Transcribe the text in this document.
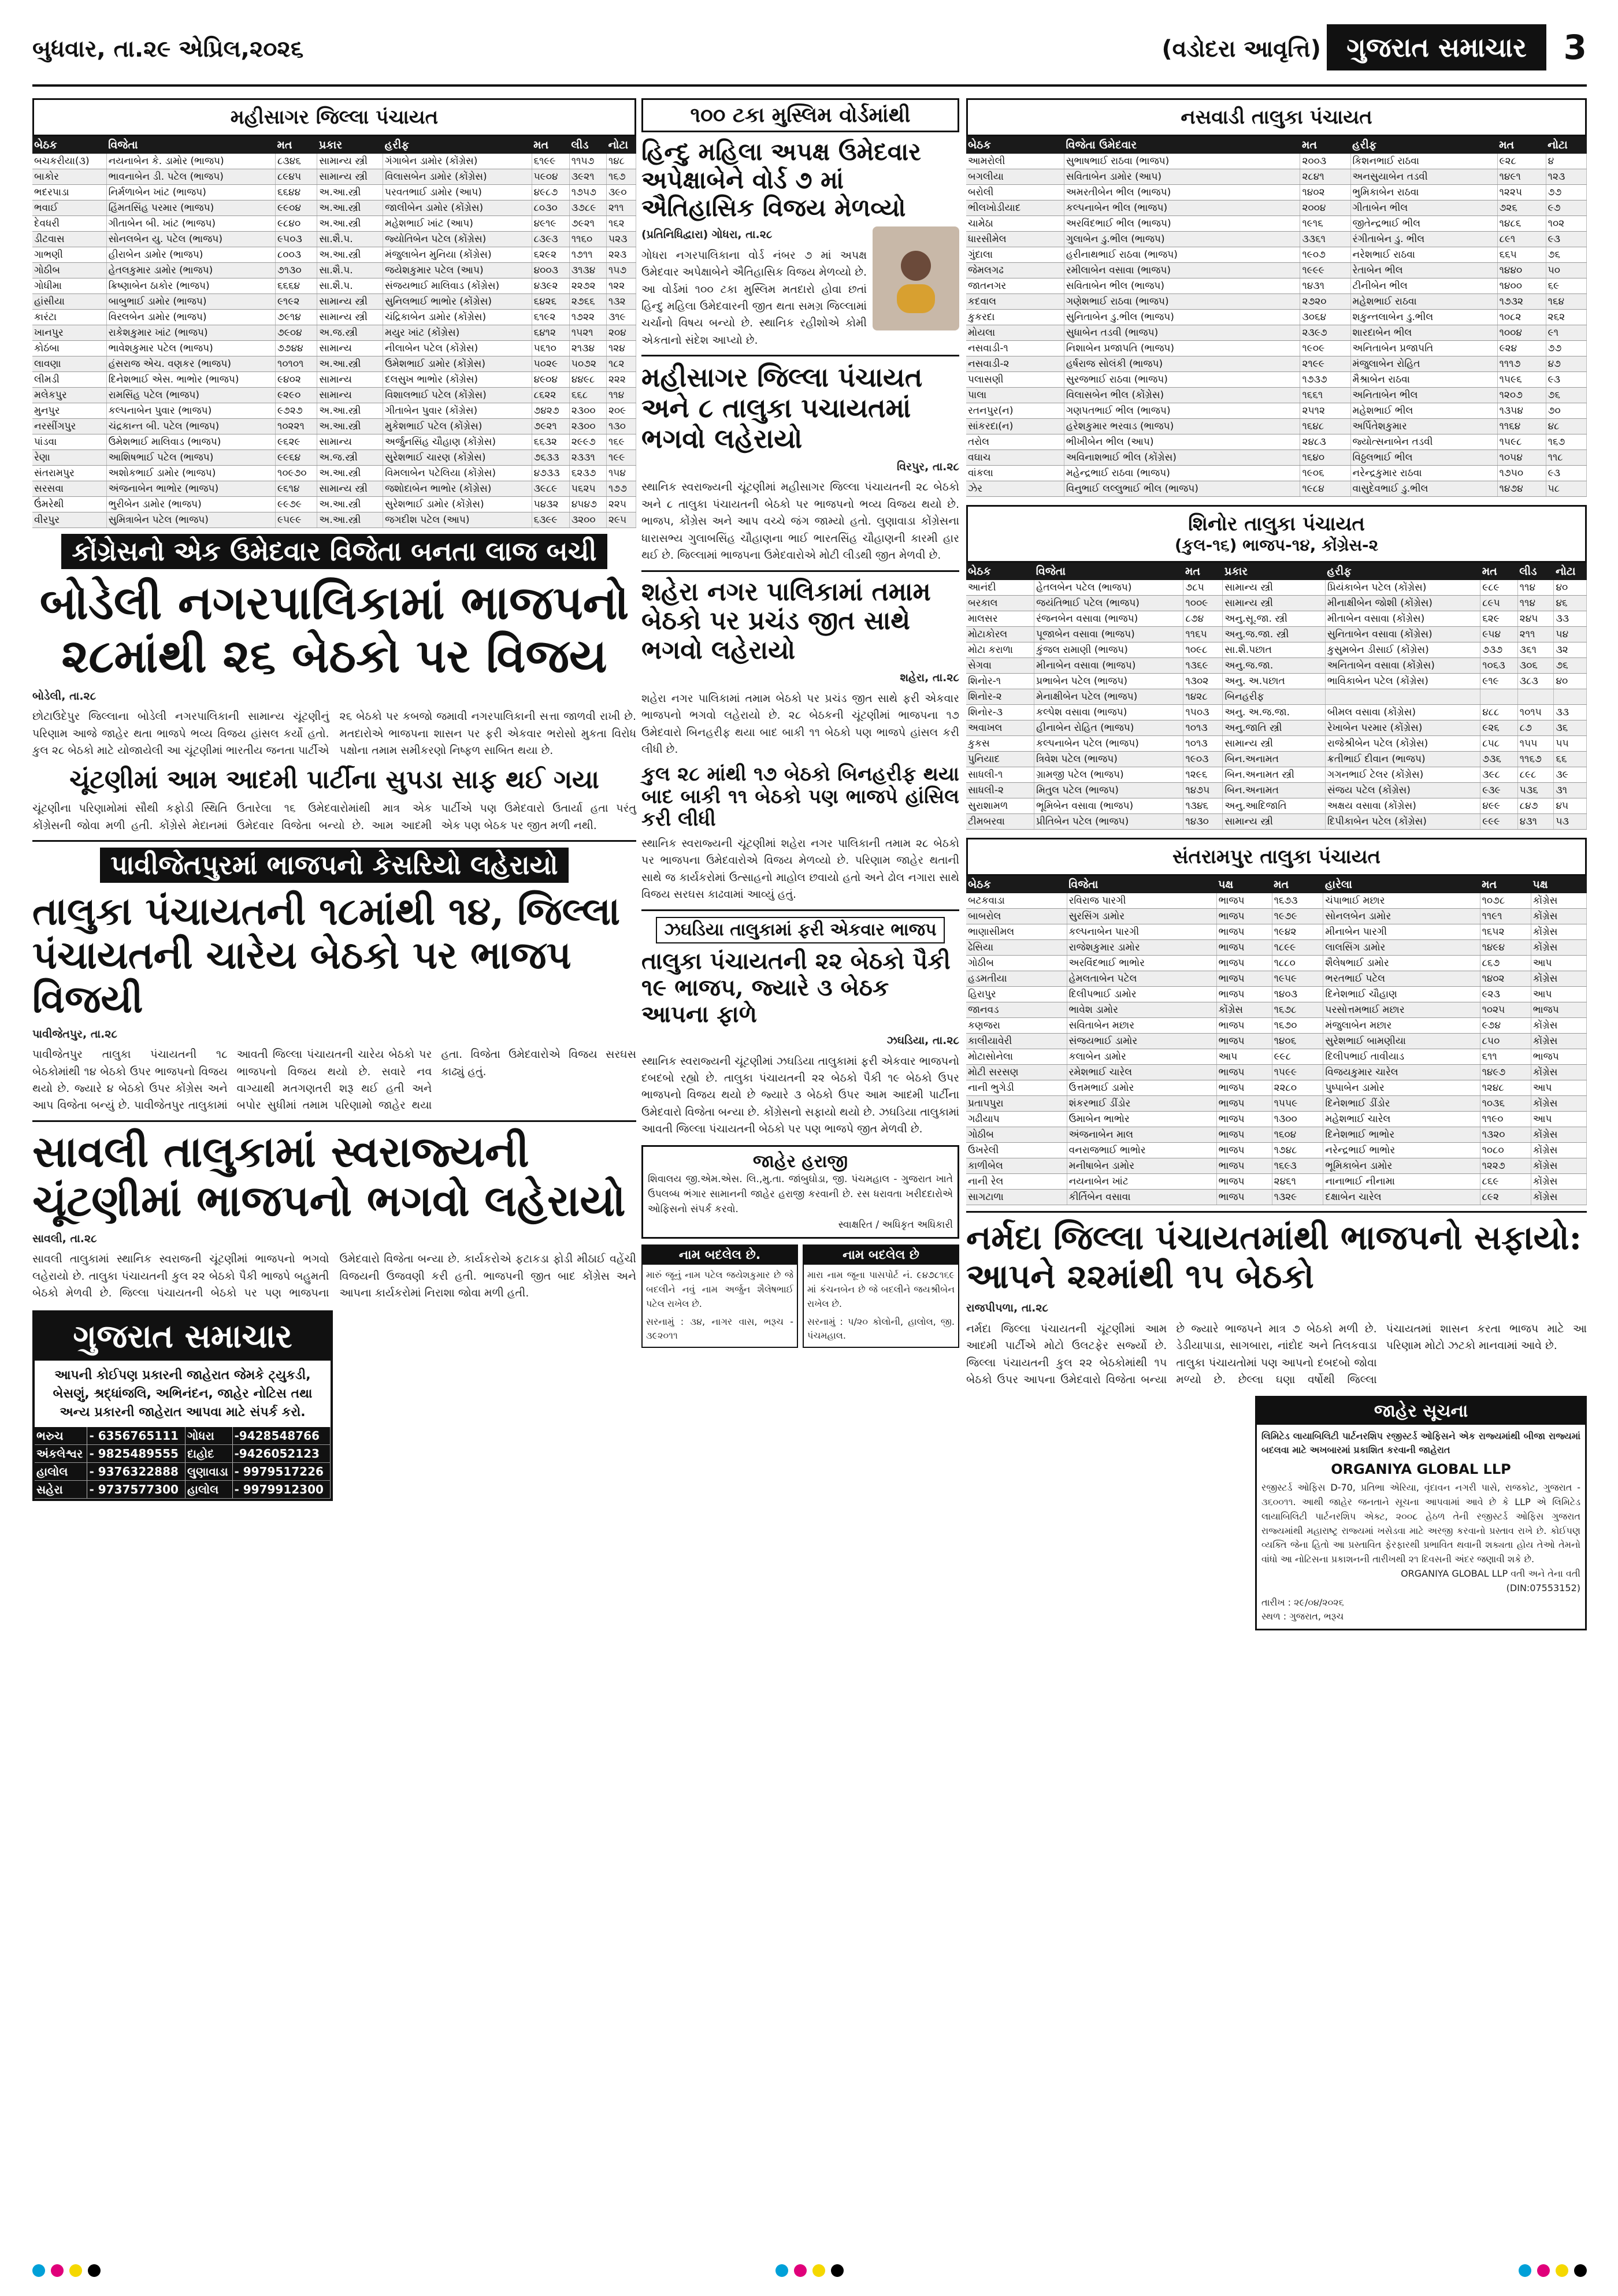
બુધવાર, તા.૨૯ એપ્રિલ,૨૦૨૬	(વડોદરા આવૃત્તિ) ગુજરાત સમાચાર	3
મહીસાગર જિલ્લા પંચાયત
બેઠક	વિજેતા	મત	પ્રકાર	હરીફ	મત	લીડ	નોટા
બચકરીયા(૩)	નયનાબેન કે. ડામોર (ભાજપ)	૮૩૪૬	સામાન્ય સ્ત્રી	ગંગાબેન ડામોર (કોંગ્રેસ)	૬૧૯૯	૧૧૫૭	૧૪૮
બાકોર	ભાવનાબેન ડી. પટેલ (ભાજપ)	૮૯૪૫	સામાન્ય સ્ત્રી	વિલાસબેન ડામોર (કોંગ્રેસ)	૫૯૦૪	૩૯૨૧	૧૬૭
ભદરપાડા	નિર્મળાબેન ખાંટ (ભાજપ)	૬૬૪૪	અ.આ.સ્ત્રી	પરવતભાઈ ડામોર (આપ)	૪૯૮૭	૧૭૫૭	૩૯૦
ભવાઈ	હિંમતસિંહ પરમાર (ભાજપ)	૯૯૦૪	અ.આ.સ્ત્રી	જાલીબેન ડામોર (કોંગ્રેસ)	૮૦૩૦	૩૭૮૯	૨૧૧
દેવધરી	ગીતાબેન બી. ખાંટ (ભાજપ)	૯૮૪૦	અ.આ.સ્ત્રી	મહેશભાઈ ખાંટ (આપ)	૪૯૧૯	૭૯૨૧	૧૬૨
ડીટવાસ	સોનલબેન યુ. પટેલ (ભાજપ)	૯૫૦૩	સા.શૈ.પ.	જ્યોતિબેન પટેલ (કોંગ્રેસ)	૮૩૯૩	૧૧૬૦	૫૨૩
ગાભણી	હીરાબેન ડામોર (ભાજપ)	૮૦૦૩	અ.આ.સ્ત્રી	મંજુલાબેન મુનિયા (કોંગ્રેસ)	૬૨૯૨	૧૭૧૧	૨૨૩
ગોઠીબ	હેતલકુમાર ડામોર (ભાજપ)	૭૧૩૦	સા.શૈ.પ.	જયેશકુમાર પટેલ (આપ)	૪૦૦૩	૩૧૩૪	૧૫૭
ગોધીમા	ક્રિષ્ણાબેન ઠાકોર (ભાજપ)	૬૬૬૪	સા.શૈ.પ.	સંજયભાઈ માલિવાડ (કોંગ્રેસ)	૪૩૯૨	૨૨૭૨	૧૨૨
હાંસીયા	બાબુભાઈ ડામોર (ભાજપ)	૯૧૯૨	સામાન્ય સ્ત્રી	સુનિલભાઈ ભાભોર (કોંગ્રેસ)	૬૪૨૬	૨૭૬૬	૧૩૨
કારંટા	વિરલબેન ડામોર (ભાજપ)	૭૯૧૪	સામાન્ય સ્ત્રી	ચંદ્રિકાબેન ડામોર (કોંગ્રેસ)	૬૧૯૨	૧૭૨૨	૩૧૯
ખાનપુર	રાકેશકુમાર ખાંટ (ભાજપ)	૭૯૦૪	અ.જ.સ્ત્રી	મયુર ખાંટ (કોંગ્રેસ)	૬૪૧૨	૧૫૨૧	૨૦૪
કોઠંબા	ભાવેશકુમાર પટેલ (ભાજપ)	૭૭૪૪	સામાન્ય	નીલાબેન પટેલ (કોંગ્રેસ)	૫૬૧૦	૨૧૩૪	૧૨૪
લાવણા	હંસરાજ એચ. વણકર (ભાજપ)	૧૦૧૦૧	અ.આ.સ્ત્રી	ઉમેશભાઈ ડામોર (કોંગ્રેસ)	૫૦૨૯	૫૦૭૨	૧૮૨
લીમડી	દિનેશભાઈ એસ. ભાભોર (ભાજપ)	૯૪૦૨	સામાન્ય	દલસુખ ભાભોર (કોંગ્રેસ)	૪૯૦૪	૪૪૯૮	૨૨૨
મલેકપુર	રામસિંહ પટેલ (ભાજપ)	૯૨૯૦	સામાન્ય	વિશાલભાઈ પટેલ (કોંગ્રેસ)	૮૬૨૨	૬૬૮	૧૧૪
મુનપુર	કલ્પનાબેન પુવાર (ભાજપ)	૯૭૨૭	અ.આ.સ્ત્રી	ગીતાબેન પુવાર (કોંગ્રેસ)	૭૪૨૭	૨૩૦૦	૨૦૯
નરસીંગપુર	ચંદ્રકાન્ત બી. પટેલ (ભાજપ)	૧૦૨૨૧	અ.આ.સ્ત્રી	મુકેશભાઈ પટેલ (કોંગ્રેસ)	૭૯૨૧	૨૩૦૦	૧૩૦
પાંડવા	ઉમેશભાઈ માલિવાડ (ભાજપ)	૯૬૨૯	સામાન્ય	અર્જુનસિંહ ચૌહાણ (કોંગ્રેસ)	૬૬૩૨	૨૯૯૭	૧૬૯
રેણા	આશિષભાઈ પટેલ (ભાજપ)	૯૯૬૪	અ.જ.સ્ત્રી	સુરેશભાઈ ચારણ (કોંગ્રેસ)	૭૬૩૩	૨૩૩૧	૧૯૯
સંતરામપુર	અશોકભાઈ ડામોર (ભાજપ)	૧૦૯૭૦	અ.આ.સ્ત્રી	વિમલાબેન પટેલિયા (કોંગ્રેસ)	૪૭૩૩	૬૨૩૭	૧૫૪
સરસવા	અંજનાબેન ભાભોર (ભાજપ)	૯૬૧૪	સામાન્ય સ્ત્રી	જશોદાબેન ભાભોર (કોંગ્રેસ)	૩૯૮૯	૫૬૨૫	૧૭૭
ઉંમરેથી	ભુરીબેન ડામોર (ભાજપ)	૯૯૭૯	અ.આ.સ્ત્રી	સુરેશભાઈ ડામોર (કોંગ્રેસ)	૫૪૩૨	૪૫૪૭	૨૨૫
વીરપુર	સુમિત્રાબેન પટેલ (ભાજપ)	૯૫૯૯	અ.આ.સ્ત્રી	જગદીશ પટેલ (આપ)	૬૩૯૯	૩૨૦૦	૨૯૫
કોંગ્રેસનો એક ઉમેદવાર વિજેતા બનતા લાજ બચી
બોડેલી નગરપાલિકામાં ભાજપનો ૨૮માંથી ૨૬ બેઠકો પર વિજય

બોડેલી, તા.૨૮

છોટાઉદેપુર જિલ્લાના બોડેલી નગરપાલિકાની સામાન્ય ચૂંટણીનું પરિણામ આજે જાહેર થતા ભાજપે ભવ્ય વિજય હાંસલ કર્યો હતો. કુલ ૨૮ બેઠકો માટે યોજાયેલી આ ચૂંટણીમાં ભારતીય જનતા પાર્ટીએ ૨૬ બેઠકો પર કબજો જમાવી નગરપાલિકાની સત્તા જાળવી રાખી છે. મતદારોએ ભાજપના શાસન પર ફરી એકવાર ભરોસો મુકતા વિરોધ પક્ષોના તમામ સમીકરણો નિષ્ફળ સાબિત થયા છે.

ચૂંટણીમાં આમ આદમી પાર્ટીના સુપડા સાફ થઈ ગયા

ચૂંટણીના પરિણામોમાં સૌથી કફોડી સ્થિતિ કોંગ્રેસની જોવા મળી હતી. કોંગ્રેસે મેદાનમાં ઉતારેલા ૧૬ ઉમેદવારોમાંથી માત્ર એક ઉમેદવાર વિજેતા બન્યો છે. આમ આદમી પાર્ટીએ પણ ઉમેદવારો ઉતાર્યા હતા પરંતુ એક પણ બેઠક પર જીત મળી નથી.

પાવીજેતપુરમાં ભાજપનો કેસરિયો લહેરાયો
તાલુકા પંચાયતની ૧૮માંથી ૧૪, જિલ્લા પંચાયતની ચારેય બેઠકો પર ભાજપ વિજયી

પાવીજેતપુર, તા.૨૮

પાવીજેતપુર તાલુકા પંચાયતની ૧૮ બેઠકોમાંથી ૧૪ બેઠકો ઉપર ભાજપનો વિજય થયો છે. જ્યારે ૪ બેઠકો ઉપર કોંગ્રેસ અને આપ વિજેતા બન્યું છે. પાવીજેતપુર તાલુકામાં આવતી જિલ્લા પંચાયતની ચારેય બેઠકો પર ભાજપનો વિજય થયો છે. સવારે નવ વાગ્યાથી મતગણતરી શરૂ થઈ હતી અને બપોર સુધીમાં તમામ પરિણામો જાહેર થયા હતા. વિજેતા ઉમેદવારોએ વિજય સરઘસ કાઢ્યું હતું.

સાવલી તાલુકામાં સ્વરાજ્યની ચૂંટણીમાં ભાજપનો ભગવો લહેરાયો

સાવલી, તા.૨૮

સાવલી તાલુકામાં સ્થાનિક સ્વરાજની ચૂંટણીમાં ભાજપનો ભગવો લહેરાયો છે. તાલુકા પંચાયતની કુલ ૨૨ બેઠકો પૈકી ભાજપે બહુમતી બેઠકો મેળવી છે. જિલ્લા પંચાયતની બેઠકો પર પણ ભાજપના ઉમેદવારો વિજેતા બન્યા છે. કાર્યકરોએ ફટાકડા ફોડી મીઠાઈ વહેંચી વિજયની ઉજવણી કરી હતી. ભાજપની જીત બાદ કોંગ્રેસ અને આપના કાર્યકરોમાં નિરાશા જોવા મળી હતી.

ગુજરાત સમાચાર
આપની કોઈપણ પ્રકારની જાહેરાત જેમકે ટ્યુકડી, બેસણું, શ્રદ્ધાંજલિ, અભિનંદન, જાહેર નોટિસ તથા અન્ય પ્રકારની જાહેરાત આપવા માટે સંપર્ક કરો.
ભરુચ	- 6356765111	ગોધરા	-9428548766
અંકલેશ્વર	- 9825489555	દાહોદ	-9426052123
હાલોલ	- 9376322888	લુણાવાડા	- 9979517226
સહેરા	- 9737577300	હાલોલ	- 9979912300
૧૦૦ ટકા મુસ્લિમ વોર્ડમાંથી
હિન્દુ મહિલા અપક્ષ ઉમેદવાર અપેક્ષાબેને વોર્ડ ૭ માં ઐતિહાસિક વિજય મેળવ્યો

(પ્રતિનિધિદ્વારા) ગોધરા, તા.૨૮

ગોધરા નગરપાલિકાના વોર્ડ નંબર ૭ માં અપક્ષ ઉમેદવાર અપેક્ષાબેને ઐતિહાસિક વિજય મેળવ્યો છે. આ વોર્ડમાં ૧૦૦ ટકા મુસ્લિમ મતદારો હોવા છતાં હિન્દુ મહિલા ઉમેદવારની જીત થતા સમગ્ર જિલ્લામાં ચર્ચાનો વિષય બન્યો છે. સ્થાનિક રહીશોએ કોમી એકતાનો સંદેશ આપ્યો છે.

મહીસાગર જિલ્લા પંચાયત અને ૮ તાલુકા પચાયતમાં ભગવો લહેરાયો

વિરપુર, તા.૨૮

સ્થાનિક સ્વરાજ્યની ચૂંટણીમાં મહીસાગર જિલ્લા પંચાયતની ૨૮ બેઠકો અને ૮ તાલુકા પંચાયતની બેઠકો પર ભાજપનો ભવ્ય વિજય થયો છે. ભાજપ, કોંગ્રેસ અને આપ વચ્ચે જંગ જામ્યો હતો. લુણાવાડા કોંગ્રેસના ધારાસભ્ય ગુલાબસિંહ ચૌહાણના ભાઈ ભારતસિંહ ચૌહાણની કારમી હાર થઈ છે. જિલ્લામાં ભાજપના ઉમેદવારોએ મોટી લીડથી જીત મેળવી છે.

શહેરા નગર પાલિકામાં તમામ બેઠકો પર પ્રચંડ જીત સાથે ભગવો લહેરાયો

શહેરા, તા.૨૮

શહેરા નગર પાલિકામાં તમામ બેઠકો પર પ્રચંડ જીત સાથે ફરી એકવાર ભાજપનો ભગવો લહેરાયો છે. ૨૮ બેઠકની ચૂંટણીમાં ભાજપના ૧૭ ઉમેદવારો બિનહરીફ થયા બાદ બાકી ૧૧ બેઠકો પણ ભાજપે હાંસલ કરી લીધી છે.

કુલ ૨૮ માંથી ૧૭ બેઠકો બિનહરીફ થયા બાદ બાકી ૧૧ બેઠકો પણ ભાજપે હાંસિલ કરી લીધી

સ્થાનિક સ્વરાજ્યની ચૂંટણીમાં શહેરા નગર પાલિકાની તમામ ૨૮ બેઠકો પર ભાજપના ઉમેદવારોએ વિજય મેળવ્યો છે. પરિણામ જાહેર થતાની સાથે જ કાર્યકરોમાં ઉત્સાહનો માહોલ છવાયો હતો અને ઢોલ નગારા સાથે વિજય સરઘસ કાઢવામાં આવ્યું હતું.

ઝઘડિયા તાલુકામાં ફરી એકવાર ભાજપ
તાલુકા પંચાયતની ૨૨ બેઠકો પૈકી ૧૯ ભાજપ, જ્યારે ૩ બેઠક આપના ફાળે

ઝઘડિયા, તા.૨૮

સ્થાનિક સ્વરાજ્યની ચૂંટણીમાં ઝઘડિયા તાલુકામાં ફરી એકવાર ભાજપનો દબદબો રહ્યો છે. તાલુકા પંચાયતની ૨૨ બેઠકો પૈકી ૧૯ બેઠકો ઉપર ભાજપનો વિજય થયો છે જ્યારે ૩ બેઠકો ઉપર આમ આદમી પાર્ટીના ઉમેદવારો વિજેતા બન્યા છે. કોંગ્રેસનો સફાયો થયો છે. ઝઘડિયા તાલુકામાં આવતી જિલ્લા પંચાયતની બેઠકો પર પણ ભાજપે જીત મેળવી છે.

જાહેર હરાજી

શિવાલય જી.એમ.એસ. લિ.,મુ.તા. જાંબુઘોડા, જી. પંચમહાલ - ગુજરાત ખાતે ઉપલબ્ધ ભંગાર સામાનની જાહેર હરાજી કરવાની છે. રસ ધરાવતા ખરીદદારોએ ઓફિસનો સંપર્ક કરવો.

સ્વાક્ષરિત / અધિકૃત અધિકારી

નામ બદલેલ છે.

મારું જૂનું નામ પટેલ જયેશકુમાર છે જે બદલીને નવું નામ અર્જુન શૈલેષભાઈ પટેલ રાખેલ છે.

સરનામું : ૩૪, નાગર વાસ, ભરૂચ - ૩૯૨૦૧૧

નામ બદલેલ છે

મારા નામ જૂના પાસપોર્ટ નં. ૯૪૭૮૧૬૯ માં કંચનબેન છે જે બદલીને જયશ્રીબેન રાખેલ છે.

સરનામું : પ/૨૦ કોલોની, હાલોલ, જી. પંચમહાલ.

નસવાડી તાલુકા પંચાયત
બેઠક	વિજેતા ઉમેદવાર	મત	હરીફ	મત	નોટા
આમરોલી	સુભાષભાઈ રાઠવા (ભાજપ)	૨૦૦૩	કિશનભાઈ રાઠવા	૯૨૮	૪
બગલીયા	સવિતાબેન ડામોર (આપ)	૨૮૪૧	અનસુયાબેન તડવી	૧૪૯૧	૧૨૩
બરોલી	અમરતીબેન ભીલ (ભાજપ)	૧૪૦૨	ભુમિકાબેન રાઠવા	૧૨૨૫	૭૭
ભીલખોડીયાદ	કલ્પનાબેન ભીલ (ભાજપ)	૨૦૦૪	ગીતાબેન ભીલ	૭૨૬	૯૭
ચામેઠા	અરવિંદભાઈ ભીલ (ભાજપ)	૧૯૧૬	જીતેન્દ્રભાઈ ભીલ	૧૪૮૬	૧૦૨
ધારસીમેલ	ગુલાબેન ડુ.ભીલ (ભાજપ)	૩૩૬૧	રંગીતાબેન ડુ. ભીલ	૮૯૧	૯૩
ગુંદાલા	હરીનાથભાઈ રાઠવા (ભાજપ)	૧૯૦૭	નરેશભાઈ રાઠવા	૬૬૫	૭૬
જેમલગઢ	રમીલાબેન વસાવા (ભાજપ)	૧૯૯૯	રેતાબેન ભીલ	૧૪૪૦	૫૦
જાતનગર	સવિતાબેન ભીલ (ભાજપ)	૧૪૩૧	ટીનીબેન ભીલ	૧૪૦૦	૬૯
કદવાલ	ગણેશભાઈ રાઠવા (ભાજપ)	૨૭૨૦	મહેશભાઈ રાઠવા	૧૭૩૨	૧૬૪
કુકરદા	સુનિતાબેન ડુ.ભીલ (ભાજપ)	૩૦૬૪	શકુન્તલાબેન ડુ.ભીલ	૧૦૮૨	૨૬૨
મોયલા	સુધાબેન તડવી (ભાજપ)	૨૩૯૭	શારદાબેન ભીલ	૧૦૦૪	૯૧
નસવાડી-૧	નિશાબેન પ્રજાપતિ (ભાજપ)	૧૯૦૯	અનિતાબેન પ્રજાપતિ	૯૨૪	૭૭
નસવાડી-૨	હર્ષરાજ સોલંકી (ભાજપ)	૨૧૯૯	મંજુલાબેન રોહિત	૧૧૧૭	૪૭
પલાસણી	સુરજભાઈ રાઠવા (ભાજપ)	૧૭૩૭	મૈશ્રાબેન રાઠવા	૧૫૯૬	૯૩
પાલા	વિલાસબેન ભીલ (કોંગ્રેસ)	૧૬૬૧	અનિતાબેન ભીલ	૧૨૦૭	૭૬
રતનપુર(ન)	ગણપતભાઈ ભીલ (ભાજપ)	૨૫૧૨	મહેશભાઈ ભીલ	૧૩૫૪	૭૦
સાંકરદા(ન)	હરેશકુમાર ભરવાડ (ભાજપ)	૧૬૪૮	અર્પિતેશકુમાર	૧૧૬૪	૪૮
તરોલ	ભીખીબેન ભીલ (આપ)	૨૪૮૩	જ્યોત્સનાબેન તડવી	૧૫૯૮	૧૬૭
વઘાચ	અવિનાશભાઈ ભીલ (કોંગ્રેસ)	૧૬૪૦	વિઠ્ઠલભાઈ ભીલ	૧૦૫૪	૧૧૮
વાંકલા	મહેન્દ્રભાઈ રાઠવા (ભાજપ)	૧૯૦૬	નરેન્દ્રકુમાર રાઠવા	૧૭૫૦	૯૩
ઝેર	વિનુભાઈ લલ્લુભાઈ ભીલ (ભાજપ)	૧૯૮૪	વાસુદેવભાઈ ડુ.ભીલ	૧૪૭૪	૫૮
શિનોર તાલુકા પંચાયત
(કુલ-૧૬) ભાજપ-૧૪, કોંગ્રેસ-૨
બેઠક	વિજેતા	મત	પ્રકાર	હરીફ	મત	લીડ	નોટા
આનંદી	હેતલબેન પટેલ (ભાજપ)	૭૮૫	સામાન્ય સ્ત્રી	પ્રિયંકાબેન પટેલ (કોંગ્રેસ)	૯૮૯	૧૧૪	૪૦
બરકાલ	જયંતિભાઈ પટેલ (ભાજપ)	૧૦૦૯	સામાન્ય સ્ત્રી	મીનાક્ષીબેન જોશી (કોંગ્રેસ)	૮૯૫	૧૧૪	૪૬
માલસર	રંજનબેન વસાવા (ભાજપ)	૮૭૪	અનુ.સૂ.જા. સ્ત્રી	મીતાબેન વસાવા (કોંગ્રેસ)	૬૨૯	૨૪૫	૩૩
મોટાકોરલ	પૂજાબેન વસાવા (ભાજપ)	૧૧૬૫	અનુ.જ.જા. સ્ત્રી	સુનિતાબેન વસાવા (કોંગ્રેસ)	૯૫૪	૨૧૧	૫૪
મોટા કરાળા	કુંજલ રામાણી (ભાજપ)	૧૦૯૮	સા.શૈ.પછાત	કુસુમબેન ડીસાઈ (કોંગ્રેસ)	૭૩૭	૩૬૧	૩૨
સેગવા	મીનાબેન વસાવા (ભાજપ)	૧૩૬૯	અનુ.જ.જા.	અનિતાબેન વસાવા (કોંગ્રેસ)	૧૦૬૩	૩૦૬	૭૬
શિનોર-૧	પ્રભાબેન પટેલ (ભાજપ)	૧૩૦૨	અનુ. અ.પછાત	ભાવિકાબેન પટેલ (કોંગ્રેસ)	૯૧૯	૩૮૩	૪૦
શિનોર-૨	મેનાક્ષીબેન પટેલ (ભાજપ)	૧૪૨૮	બિનહરીફ				
શિનોર-૩	કલ્પેશ વસાવા (ભાજપ)	૧૫૦૩	અનુ. અ.જ.જા.	બીમલ વસાવા (કોંગ્રેસ)	૪૮૮	૧૦૧૫	૩૩
અવાખલ	હીનાબેન રોહિત (ભાજપ)	૧૦૧૩	અનુ.જાતિ સ્ત્રી	રેખાબેન પરમાર (કોંગ્રેસ)	૯૨૬	૮૭	૩૬
કુકસ	કલ્પનાબેન પટેલ (ભાજપ)	૧૦૧૩	સામાન્ય સ્ત્રી	રાજેશ્રીબેન પટેલ (કોંગ્રેસ)	૮૫૮	૧૫૫	૫૫
પુનિયાદ	ત્રિવેશ પટેલ (ભાજપ)	૧૯૦૩	બિન.અનામત	ક્રતીભાઈ દીવાન (ભાજપ)	૭૩૬	૧૧૬૭	૬૬
સાધલી-૧	ગ્રામજી પટેલ (ભાજપ)	૧૨૯૬	બિન.અનામત સ્ત્રી	ગગનભાઈ ટેલર (કોંગ્રેસ)	૩૯૮	૮૯૮	૩૯
સાધલી-૨	મિતુલ પટેલ (ભાજપ)	૧૪૭૫	બિન.અનામત	સંજય પટેલ (કોંગ્રેસ)	૯૩૯	૫૩૬	૩૧
સુરાશામળ	ભૂમિબેન વસાવા (ભાજપ)	૧૩૪૬	અનુ.આદિજાતિ	અક્ષય વસાવા (કોંગ્રેસ)	૪૯૯	૮૪૭	૪૫
ટીમબરવા	પ્રીતિબેન પટેલ (ભાજપ)	૧૪૩૦	સામાન્ય સ્ત્રી	દિપીકાબેન પટેલ (કોંગ્રેસ)	૯૯૯	૪૩૧	૫૩
સંતરામપુર તાલુકા પંચાયત
બેઠક	વિજેતા	પક્ષ	મત	હારેલા	મત	પક્ષ
બટકવાડા	રવિરાજ પારગી	ભાજપ	૧૬૭૩	ચંપાભાઈ મછાર	૧૦૭૮	કોંગ્રેસ
બાબરોલ	સુરસિંગ ડામોર	ભાજપ	૧૯૭૯	સોનલબેન ડામોર	૧૧૯૧	કોંગ્રેસ
ભાણાસીમલ	કલ્પનાબેન પારગી	ભાજપ	૧૯૪૨	મીનાબેન પારગી	૧૬૫૨	કોંગ્રેસ
ઢેસિયા	રાજેશકુમાર ડામોર	ભાજપ	૧૮૯૯	લાલસિંગ ડામોર	૧૪૯૪	કોંગ્રેસ
ગોઠીબ	અરવિંદભાઈ ભાભોર	ભાજપ	૧૮૮૦	શૈલેષભાઈ ડામોર	૮૬૭	આપ
હડમતીયા	હેમલતાબેન પટેલ	ભાજપ	૧૯૫૯	ભરતભાઈ પટેલ	૧૪૦૨	કોંગ્રેસ
હિરાપુર	દિલીપભાઈ ડામોર	ભાજપ	૧૪૦૩	દિનેશભાઈ ચૌહાણ	૯૨૩	આપ
જાનવડ	ભાવેશ ડામોર	કોંગ્રેસ	૧૬૭૮	પરસોત્તમભાઈ મછાર	૧૦૨૫	ભાજપ
કણજરા	સવિતાબેન મછાર	ભાજપ	૧૬૭૦	મંજુલાબેન મછાર	૯૭૪	કોંગ્રેસ
કાલીયાવેરી	સંજયભાઈ ડામોર	ભાજપ	૧૪૦૬	સુરેશભાઈ બામણીયા	૮૫૦	કોંગ્રેસ
મોટાસોનેલા	કલાબેન ડામોર	આપ	૯૯૮	દિલીપભાઈ તાવીયાડ	૬૧૧	ભાજપ
મોટી સરસણ	રમેશભાઈ ચારેલ	ભાજપ	૧૫૯૯	વિજયકુમાર ચારેલ	૧૪૯૭	કોંગ્રેસ
નાની ભુગેડી	ઉત્તમભાઈ ડામોર	ભાજપ	૨૨૮૦	પુષ્પાબેન ડામોર	૧૨૪૮	આપ
પ્રતાપપુરા	શંકરભાઈ ડીંડોર	ભાજપ	૧૫૫૯	દિનેશભાઈ ડીંડોર	૧૦૩૬	કોંગ્રેસ
ગઢીયાપ	ઉમાબેન ભાભોર	ભાજપ	૧૩૦૦	મહેશભાઈ ચારેલ	૧૧૯૦	આપ
ગોઠીબ	અંજનાબેન માલ	ભાજપ	૧૬૦૪	દિનેશભાઈ ભાભોર	૧૩૨૦	કોંગ્રેસ
ઉખરેલી	વનરાજભાઈ ભાભોર	ભાજપ	૧૭૪૮	નરેન્દ્રભાઈ ભાભોર	૧૦૮૦	કોંગ્રેસ
કાળીબેલ	મનીષાબેન ડામોર	ભાજપ	૧૬૯૩	ભૂમિકાબેન ડામોર	૧૨૨૭	કોંગ્રેસ
નાની રેલ	નયનાબેન ખાંટ	ભાજપ	૨૪૬૧	નાનાભાઈ નીનામા	૮૬૯	કોંગ્રેસ
સાગટાળા	કીર્તિબેન વસાવા	ભાજપ	૧૩૨૯	દક્ષાબેન ચારેલ	૮૯૨	કોંગ્રેસ
નર્મદા જિલ્લા પંચાયતમાંથી ભાજપનો સફાયો: આપને ૨૨માંથી ૧૫ બેઠકો

રાજપીપળા, તા.૨૮

નર્મદા જિલ્લા પંચાયતની ચૂંટણીમાં આમ આદમી પાર્ટીએ મોટો ઉલટફેર સર્જ્યો છે. જિલ્લા પંચાયતની કુલ ૨૨ બેઠકોમાંથી ૧૫ બેઠકો ઉપર આપના ઉમેદવારો વિજેતા બન્યા છે જ્યારે ભાજપને માત્ર ૭ બેઠકો મળી છે. ડેડીયાપાડા, સાગબારા, નાંદોદ અને તિલકવાડા તાલુકા પંચાયતોમાં પણ આપનો દબદબો જોવા મળ્યો છે. છેલ્લા ઘણા વર્ષોથી જિલ્લા પંચાયતમાં શાસન કરતા ભાજપ માટે આ પરિણામ મોટો ઝટકો માનવામાં આવે છે.

જાહેર સૂચના

લિમિટેડ લાયાબિલિટી પાર્ટનરશિપ રજીસ્ટર્ડ ઓફિસને એક રાજ્યમાંથી બીજા રાજ્યમાં બદલવા માટે અખબારમાં પ્રકાશિત કરવાની જાહેરાત

ORGANIYA GLOBAL LLP

રજીસ્ટર્ડ ઓફિસ D-70, પ્રતિભા એરિયા, વૃંદાવન નગરી પાસે, રાજકોટ, ગુજરાત - ૩૬૦૦૧૧. આથી જાહેર જનતાને સૂચના આપવામાં આવે છે કે LLP એ લિમિટેડ લાયાબિલિટી પાર્ટનરશિપ એક્ટ, ૨૦૦૮ હેઠળ તેની રજીસ્ટર્ડ ઓફિસ ગુજરાત રાજ્યમાંથી મહારાષ્ટ્ર રાજ્યમાં ખસેડવા માટે અરજી કરવાનો પ્રસ્તાવ રાખે છે. કોઈપણ વ્યક્તિ જેના હિતો આ પ્રસ્તાવિત ફેરફારથી પ્રભાવિત થવાની શક્યતા હોય તેઓ તેમનો વાંધો આ નોટિસના પ્રકાશનની તારીખથી ૨૧ દિવસની અંદર જણાવી શકે છે.

ORGANIYA GLOBAL LLP વતી અને તેના વતી

(DIN:07553152)

તારીખ : ૨૯/૦૪/૨૦૨૬

સ્થળ : ગુજરાત, ભરૂચ
